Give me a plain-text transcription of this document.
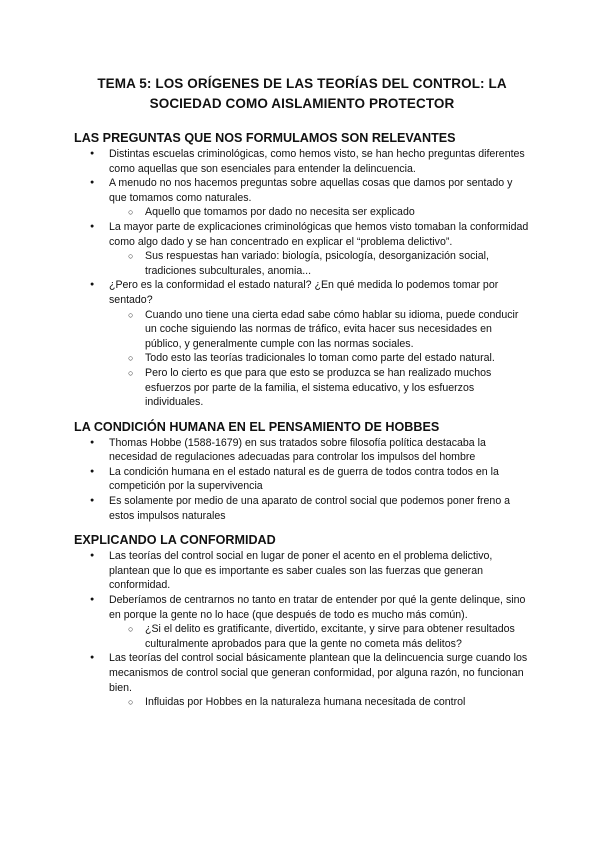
TEMA 5: LOS ORÍGENES DE LAS TEORÍAS DEL CONTROL: LA
SOCIEDAD COMO AISLAMIENTO PROTECTOR
LAS PREGUNTAS QUE NOS FORMULAMOS SON RELEVANTES
● Distintas escuelas criminológicas, como hemos visto, se han hecho preguntas diferentes como aquellas que son esenciales para entender la delincuencia.
● A menudo no nos hacemos preguntas sobre aquellas cosas que damos por sentado y que tomamos como naturales.
○ Aquello que tomamos por dado no necesita ser explicado
● La mayor parte de explicaciones criminológicas que hemos visto tomaban la conformidad como algo dado y se han concentrado en explicar el “problema delictivo”.
○ Sus respuestas han variado: biología, psicología, desorganización social, tradiciones subculturales, anomia...
● ¿Pero es la conformidad el estado natural? ¿En qué medida lo podemos tomar por sentado?
○ Cuando uno tiene una cierta edad sabe cómo hablar su idioma, puede conducir un coche siguiendo las normas de tráfico, evita hacer sus necesidades en público, y generalmente cumple con las normas sociales.
○ Todo esto las teorías tradicionales lo toman como parte del estado natural.
○ Pero lo cierto es que para que esto se produzca se han realizado muchos esfuerzos por parte de la familia, el sistema educativo, y los esfuerzos individuales.
LA CONDICIÓN HUMANA EN EL PENSAMIENTO DE HOBBES
● Thomas Hobbe (1588-1679) en sus tratados sobre filosofía política destacaba la necesidad de regulaciones adecuadas para controlar los impulsos del hombre
● La condición humana en el estado natural es de guerra de todos contra todos en la competición por la supervivencia
● Es solamente por medio de una aparato de control social que podemos poner freno a estos impulsos naturales
EXPLICANDO LA CONFORMIDAD
● Las teorías del control social en lugar de poner el acento en el problema delictivo, plantean que lo que es importante es saber cuales son las fuerzas que generan conformidad.
● Deberíamos de centrarnos no tanto en tratar de entender por qué la gente delinque, sino en porque la gente no lo hace (que después de todo es mucho más común).
○ ¿Si el delito es gratificante, divertido, excitante, y sirve para obtener resultados culturalmente aprobados para que la gente no cometa más delitos?
● Las teorías del control social básicamente plantean que la delincuencia surge cuando los mecanismos de control social que generan conformidad, por alguna razón, no funcionan bien.
○ Influidas por Hobbes en la naturaleza humana necesitada de control
